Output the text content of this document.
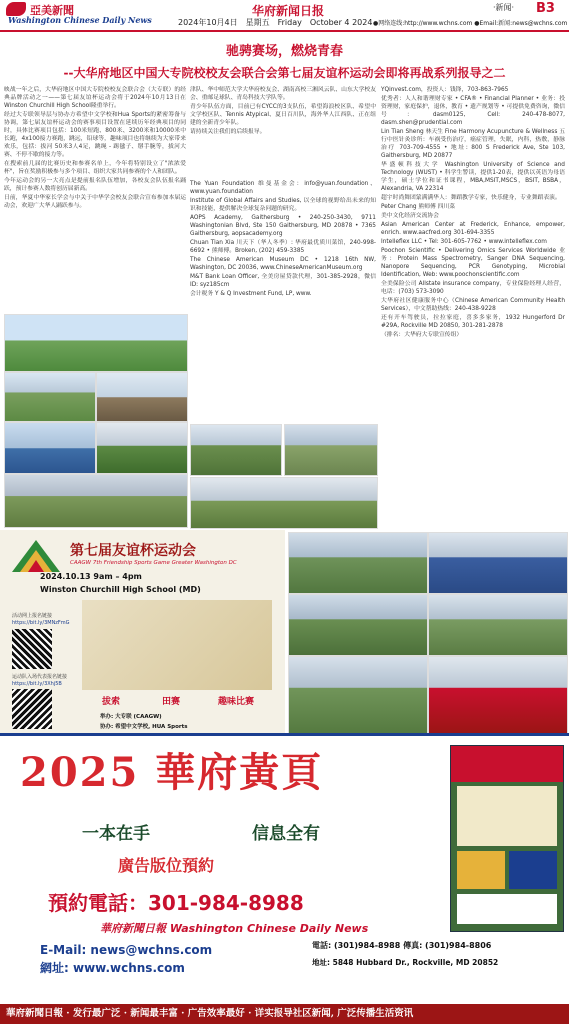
亞美新聞
Washington Chinese Daily News
华府新闻日报
2024年10月4日　星期五　Friday　October 4 2024
·新闻· B3
●网络连线:http://www.wchns.com ●Email:新闻:news@wchns.com
驰骋赛场，燃烧青春
--大华府地区中国大专院校校友会联合会第七届友谊杯运动会即将再战系列报导之二

映战一年之后，大华府地区中国大专院校校友会联合会（大专联）的经典品牌活动之一——第七届友谊杯运动会将于2024年10月13日在Winston Churchill High School隆重举行。

经过大专联领导层与协办方希望中文学校和Hua Sports的紧密筹备与协调，第七届友谊杯运动会的赛事项目设置在延续历年经典项目的同时，具体比赛项目包括：100米短跑、800米、3200米和10000米中长跑，4x100接力赛跑，跳远，铅球等，趣味项目也将继续为大家带来欢乐，包括：拔河 50米3人4足，跳绳 - 踢毽子、掰手腕等，拔河大赛、不停不歇的接力等。

在搜索前几届的比赛历史和参赛名单上，今年将特别设立了"浓浓爱杯"，旨在奖励积极参与多个项目、组织大家共同参赛的个人和团队。

今年运动会的另一大亮点是提前报名队伍增加，各校友会队伍报名踊跃，预计参赛人数将创历届新高。

日前，华夏中华家长学会与中关于中华学会校友会联合宣布参加本届运动会，欢迎广大华人踊跃参与。

津队、华中师范大学大华府校友会、湖南高校三湘风云队、山东大学校友会、重邮足球队、青岛科技大学队等。

青少年队伍方面，目前已有CYCC的3支队伍，希望海浪校区队、希望中文学校区队、Tennis Atypical、夏日百川队，海外华人江西队、正在组建的全新青少年队。

请持续关注我们的后续报导。

The Yuan Foundation 维曼基金会：info@yuan.foundation、www.yuan.foundation

Institute of Global Affairs and Studies, 以全球的视野给出未来的知识和技能，提供解决全球复杂问题的研究。

AOPS Academy, Gaithersburg • 240-250-3430, 9711 Washingtonian Blvd, Ste 150 Gaithersburg, MD 20878 • 7365 Gaithersburg, aopsacademy.org

Chuan Tian Xia 川天下（华人冬季）: 华府最优质川菜馆，240-998-6692 • 熊师傅。Broken, (202) 459-3385

The Chinese American Museum DC • 1218 16th NW, Washington, DC 20036, www.ChineseAmericanMuseum.org

M&T Bank Loan Officer, 全美房屋贷款代理，301-385-2928，微信ID: syz185cm

会计税务 Y & Q Investment Fund, LP, www.

YQinvest.com，投资人：钱锋，703-863-7965

优秀者：人人和谐理财专家 • CFA® • Financial Planner • 业务：投资理财，家庭保护，退休，教育 • 遗产规划等 • 可提供免费咨询，微信号：dasm0125, Cell: 240-478-8077, dasm.shen@prudential.com

Lin Tian Sheng 林天生 Fine Harmony Acupuncture & Wellness 五行中医针灸诊所：车祸受伤治疗，癌症管理，失眠，内科，热敷，静脉治疗 703-709-4555 • 地址: 800 S Frederick Ave, Ste 103, Gaithersburg, MD 20877

华盛顿科技大学 Washington University of Science and Technology (WUST) • 科学生警读，提供1-20表，提供以英语为母语学生，硕士学位和证书课程，MBA,MSIT,MSCS，BSIT, BSBA，Alexandria, VA 22314

超宇时尚舞团蒙满满华人：舞蹈教学专家，快乐健身，专业舞蹈表演。

Peter Chang 熊师傅 四川菜

美中文化经济交流协会

Asian American Center at Frederick, Enhance, empower, enrich. www.aacfred.org 301-694-3355

Intelleflex LLC • Tel: 301-605-7762 • www.intelleflex.com

Poochon Scientific • Delivering Omics Services Worldwide 业务：Protein Mass Spectrometry, Sanger DNA Sequencing, Nanopore Sequencing, PCR Genotyping, Microbial Identification, Web: www.poochonscientific.com

全美保险公司 Allstate insurance company，专业保险经理人经营，电话：(703) 573-3090

大华府社区健康服务中心（Chinese American Community Health Services），中文帮助热线：240-438-9228

还有开车驾驶员，拉拉家庭，喜多多家务，1932 Hungerford Dr #29A, Rockville MD 20850, 301-281-2878

（排名：大华府大专联宣传组）

第七届友谊杯运动会
CAAGW 7th Friendship Sports Game Greater Washington DC
2024.10.13 9am – 4pm
Winston Churchill High School (MD)
活动网上报名链接
https://bit.ly/3MNzFmG
运动队入场代表报名链接
https://bit.ly/3Xhj5B
拔索	田赛	趣味比赛
举办: 大专联 (CAAGW)
协办: 希望中文学校, HUA Sports
2025 華府黃頁
一本在手	信息全有
廣告版位預約
預約電話：301-984-8988
華府新聞日報 Washington Chinese Daily News
E-Mail: news@wchns.com
網址: www.wchns.com
電話: (301)984-8988 傳真: (301)984-8806
地址: 5848 Hubbard Dr., Rockville, MD 20852
華府新聞日報 · 发行最广泛 · 新闻最丰富 · 广告效率最好 · 详实报导社区新闻, 广泛传播生活资讯
